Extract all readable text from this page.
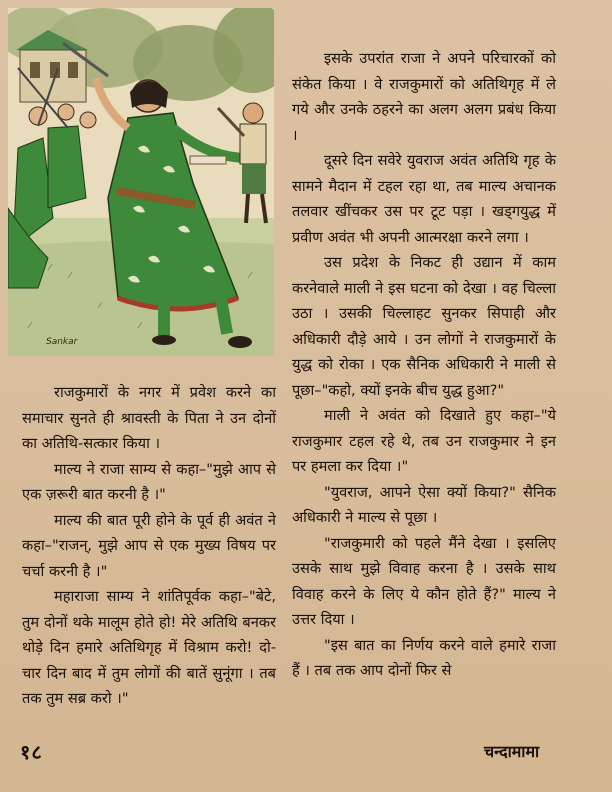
Sankar

राजकुमारों के नगर में प्रवेश करने का समाचार सुनते ही श्रावस्ती के पिता ने उन दोनों का अतिथि-सत्कार किया ।

माल्य ने राजा साम्य से कहा–"मुझे आप से एक ज़रूरी बात करनी है ।"

माल्य की बात पूरी होने के पूर्व ही अवंत ने कहा–"राजन्, मुझे आप से एक मुख्य विषय पर चर्चा करनी है ।"

महाराजा साम्य ने शांतिपूर्वक कहा–"बेटे, तुम दोनों थके मालूम होते हो! मेरे अतिथि बनकर थोड़े दिन हमारे अतिथिगृह में विश्राम करो! दो-चार दिन बाद में तुम लोगों की बातें सुनूंगा । तब तक तुम सब्र करो ।"

इसके उपरांत राजा ने अपने परिचारकों को संकेत किया । वे राजकुमारों को अतिथिगृह में ले गये और उनके ठहरने का अलग अलग प्रबंध किया ।

दूसरे दिन सवेरे युवराज अवंत अतिथि गृह के सामने मैदान में टहल रहा था, तब माल्य अचानक तलवार खींचकर उस पर टूट पड़ा । खड्गयुद्ध में प्रवीण अवंत भी अपनी आत्मरक्षा करने लगा ।

उस प्रदेश के निकट ही उद्यान में काम करनेवाले माली ने इस घटना को देखा । वह चिल्ला उठा । उसकी चिल्लाहट सुनकर सिपाही और अधिकारी दौड़े आये । उन लोगों ने राजकुमारों के युद्ध को रोका । एक सैनिक अधिकारी ने माली से पूछा–"कहो, क्यों इनके बीच युद्ध हुआ?"

माली ने अवंत को दिखाते हुए कहा–"ये राजकुमार टहल रहे थे, तब उन राजकुमार ने इन पर हमला कर दिया ।"

"युवराज, आपने ऐसा क्यों किया?" सैनिक अधिकारी ने माल्य से पूछा ।

"राजकुमारी को पहले मैंने देखा । इसलिए उसके साथ मुझे विवाह करना है । उसके साथ विवाह करने के लिए ये कौन होते हैं?" माल्य ने उत्तर दिया ।

"इस बात का निर्णय करने वाले हमारे राजा हैं । तब तक आप दोनों फिर से

१८	चन्दामामा
